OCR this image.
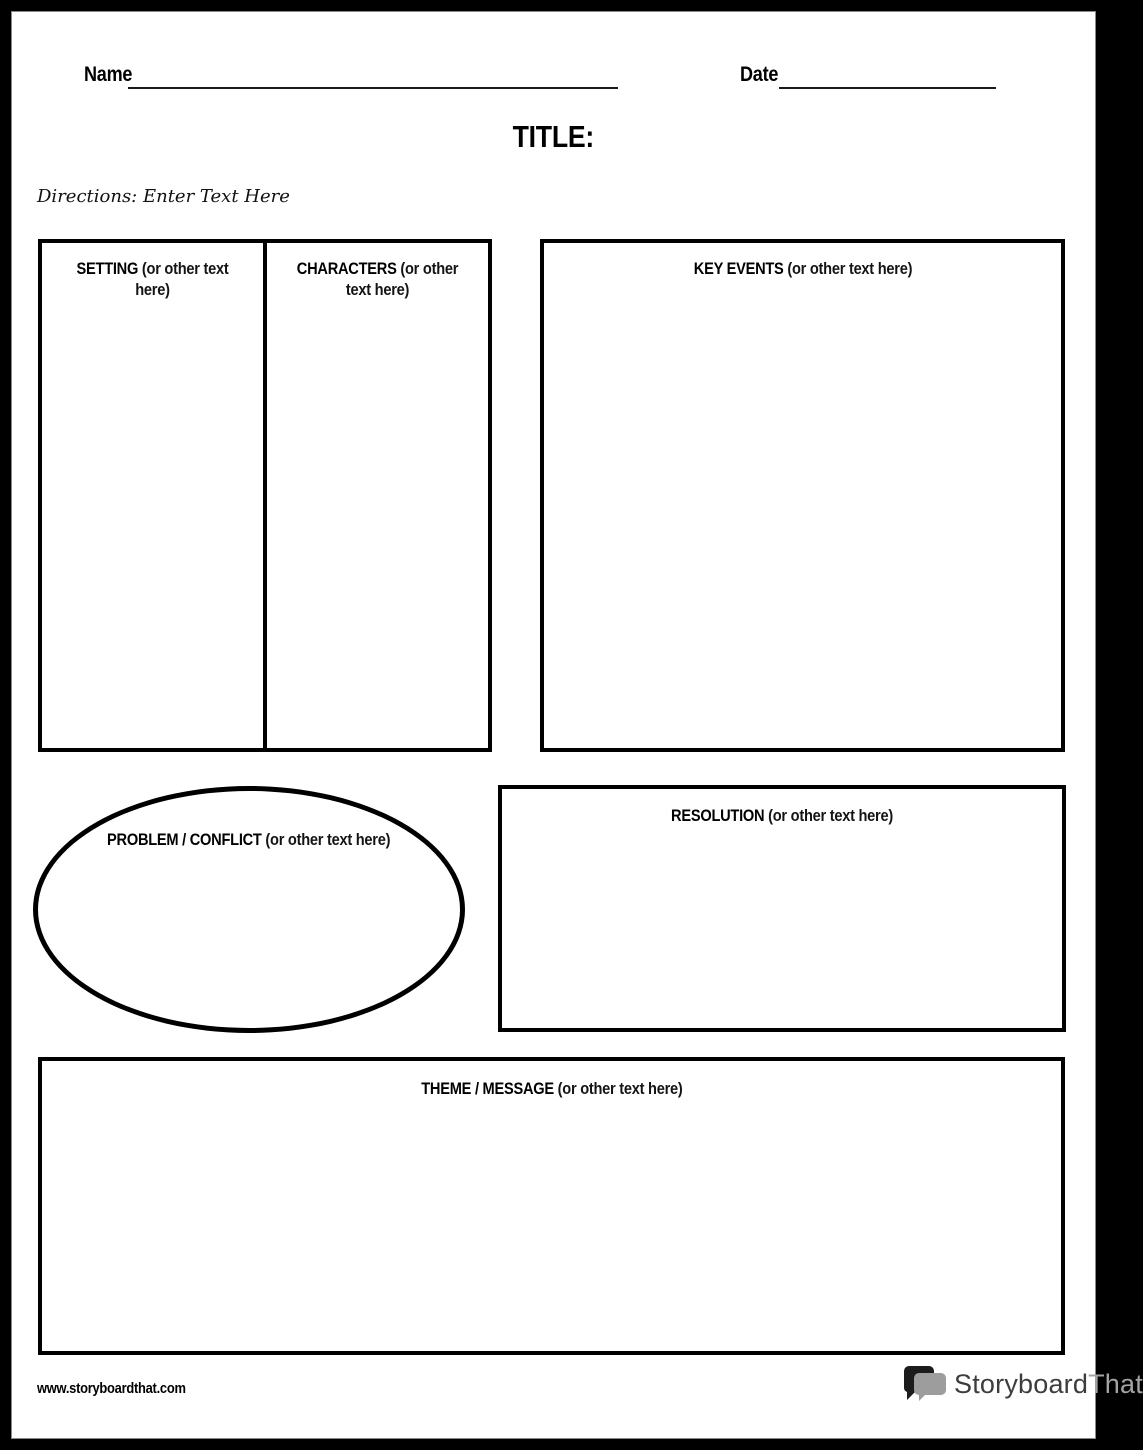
Name	Date
TITLE:
Directions: Enter Text Here
SETTING (or other text here)
CHARACTERS (or other text here)
KEY EVENTS (or other text here)
PROBLEM / CONFLICT (or other text here)
RESOLUTION (or other text here)
THEME / MESSAGE (or other text here)
www.storyboardthat.com	StoryboardThat
